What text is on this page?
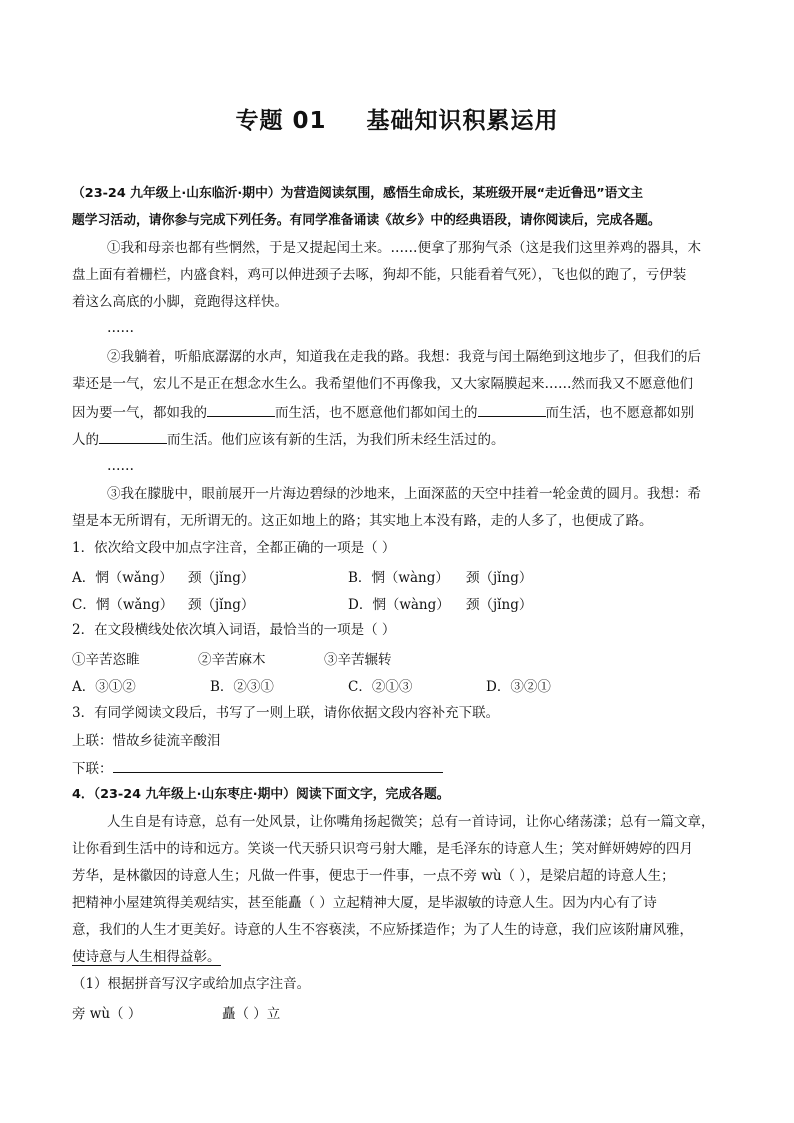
专题 01 基础知识积累运用
（23-24 九年级上·山东临沂·期中）为营造阅读氛围，感悟生命成长，某班级开展“走近鲁迅”语文主
题学习活动，请你参与完成下列任务。有同学准备诵读《故乡》中的经典语段，请你阅读后，完成各题。
①我和母亲也都有些惘然，于是又提起闰土来。……便拿了那狗气杀（这是我们这里养鸡的器具，木
盘上面有着栅栏，内盛食料，鸡可以伸进颈子去啄，狗却不能，只能看着气死），飞也似的跑了，亏伊装
着这么高底的小脚，竟跑得这样快。
……
②我躺着，听船底潺潺的水声，知道我在走我的路。我想：我竟与闰土隔绝到这地步了，但我们的后
辈还是一气，宏儿不是正在想念水生么。我希望他们不再像我，又大家隔膜起来……然而我又不愿意他们
因为要一气，都如我的	而生活，也不愿意他们都如闰土的	而生活，也不愿意都如别
人的	而生活。他们应该有新的生活，为我们所未经生活过的。
……
③我在朦胧中，眼前展开一片海边碧绿的沙地来，上面深蓝的天空中挂着一轮金黄的圆月。我想：希
望是本无所谓有，无所谓无的。这正如地上的路；其实地上本没有路，走的人多了，也便成了路。
1．依次给文段中加点字注音，全都正确的一项是（ ）
A．惘（wǎng） 颈（jǐng）	B．惘（wàng） 颈（jǐng）
C．惘（wǎng） 颈（jǐng）	D．惘（wàng） 颈（jǐng）
2．在文段横线处依次填入词语，最恰当的一项是（ ）
①辛苦恣睢	②辛苦麻木	③辛苦辗转
A．③①②	B．②③①	C．②①③	D．③②①
3．有同学阅读文段后，书写了一则上联，请你依据文段内容补充下联。
上联：惜故乡徒流辛酸泪
下联：
4．（23-24 九年级上·山东枣庄·期中）阅读下面文字，完成各题。
人生自是有诗意，总有一处风景，让你嘴角扬起微笑；总有一首诗词，让你心绪荡漾；总有一篇文章，
让你看到生活中的诗和远方。笑谈一代天骄只识弯弓射大雕，是毛泽东的诗意人生；笑对鲜妍娉婷的四月
芳华，是林徽因的诗意人生；凡做一件事，便忠于一件事，一点不旁 wù（ ），是梁启超的诗意人生；
把精神小屋建筑得美观结实，甚至能矗（ ）立起精神大厦，是毕淑敏的诗意人生。因为内心有了诗
意，我们的人生才更美好。诗意的人生不容亵渎，不应矫揉造作；为了人生的诗意，我们应该附庸风雅，
使诗意与人生相得益彰。
（1）根据拼音写汉字或给加点字注音。
旁 wù（ ）	矗（ ）立
